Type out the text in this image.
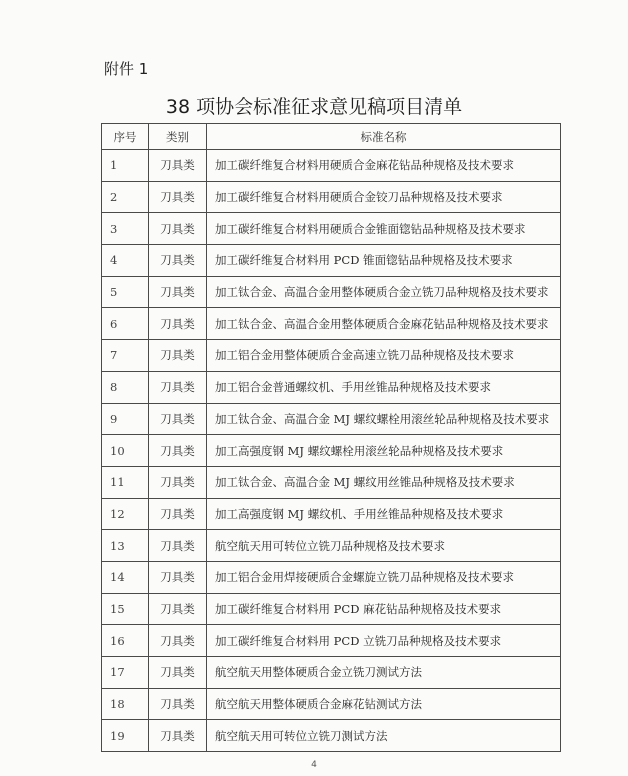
附件 1
38 项协会标准征求意见稿项目清单
序号	类别	标准名称
1	刀具类	加工碳纤维复合材料用硬质合金麻花钻品种规格及技术要求
2	刀具类	加工碳纤维复合材料用硬质合金铰刀品种规格及技术要求
3	刀具类	加工碳纤维复合材料用硬质合金锥面锪钻品种规格及技术要求
4	刀具类	加工碳纤维复合材料用 PCD 锥面锪钻品种规格及技术要求
5	刀具类	加工钛合金、高温合金用整体硬质合金立铣刀品种规格及技术要求
6	刀具类	加工钛合金、高温合金用整体硬质合金麻花钻品种规格及技术要求
7	刀具类	加工铝合金用整体硬质合金高速立铣刀品种规格及技术要求
8	刀具类	加工铝合金普通螺纹机、手用丝锥品种规格及技术要求
9	刀具类	加工钛合金、高温合金 MJ 螺纹螺栓用滚丝轮品种规格及技术要求
10	刀具类	加工高强度钢 MJ 螺纹螺栓用滚丝轮品种规格及技术要求
11	刀具类	加工钛合金、高温合金 MJ 螺纹用丝锥品种规格及技术要求
12	刀具类	加工高强度钢 MJ 螺纹机、手用丝锥品种规格及技术要求
13	刀具类	航空航天用可转位立铣刀品种规格及技术要求
14	刀具类	加工铝合金用焊接硬质合金螺旋立铣刀品种规格及技术要求
15	刀具类	加工碳纤维复合材料用 PCD 麻花钻品种规格及技术要求
16	刀具类	加工碳纤维复合材料用 PCD 立铣刀品种规格及技术要求
17	刀具类	航空航天用整体硬质合金立铣刀测试方法
18	刀具类	航空航天用整体硬质合金麻花钻测试方法
19	刀具类	航空航天用可转位立铣刀测试方法
4
